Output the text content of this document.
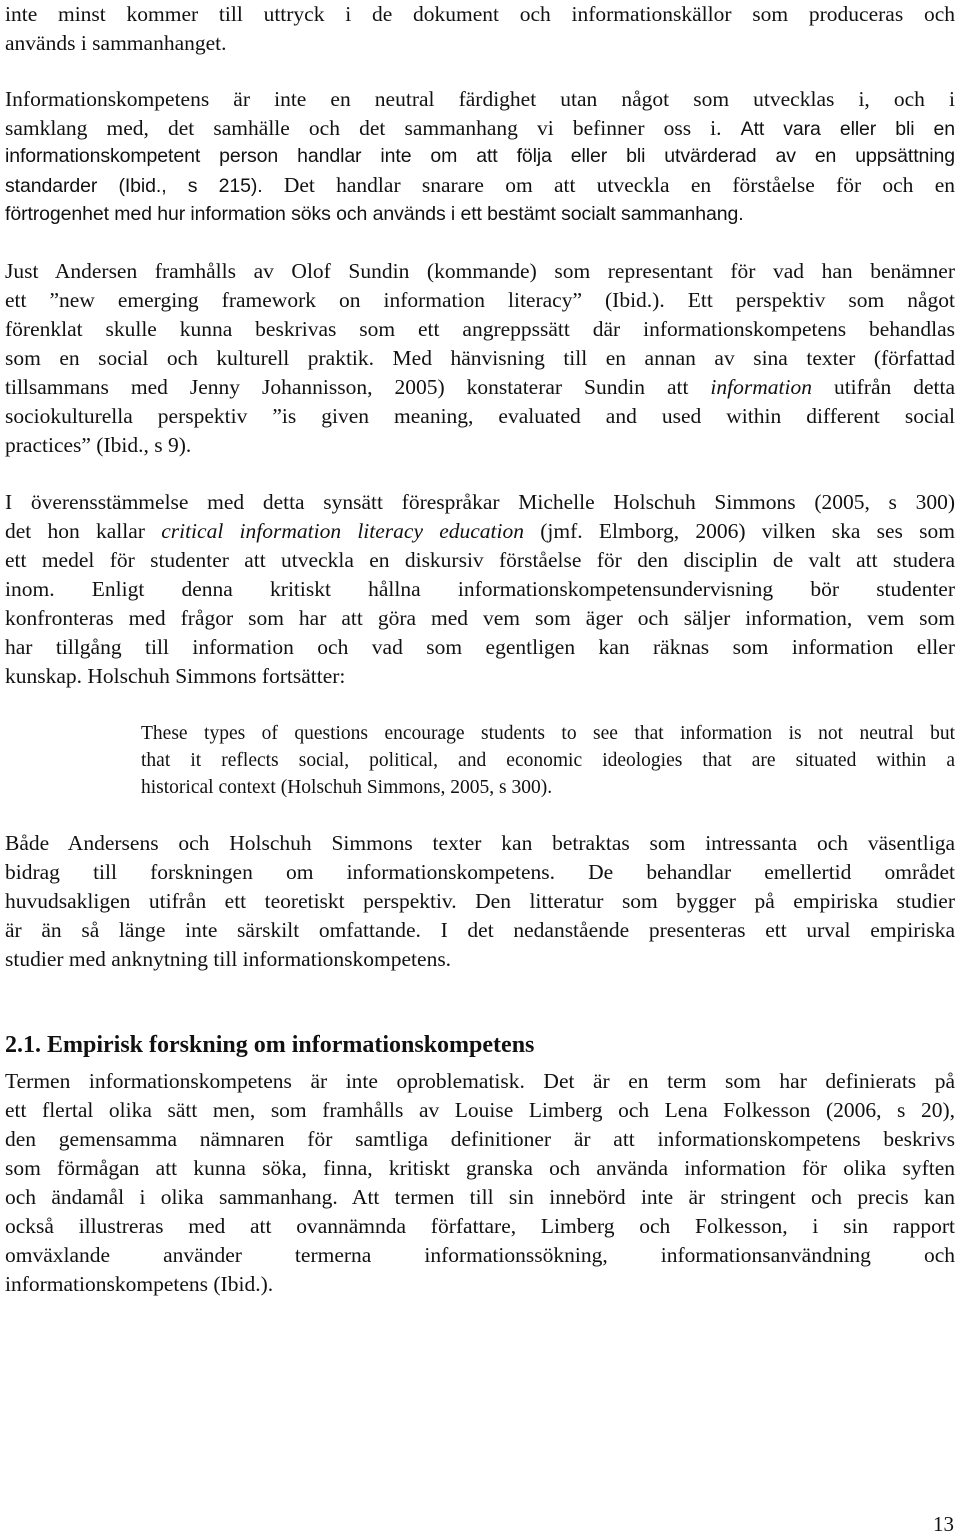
inte minst kommer till uttryck i de dokument och informationskällor som produceras och
används i sammanhanget.
Informationskompetens är inte en neutral färdighet utan något som utvecklas i, och i
samklang med, det samhälle och det sammanhang vi befinner oss i. Att vara eller bli en
informationskompetent person handlar inte om att följa eller bli utvärderad av en uppsättning
standarder (Ibid., s 215). Det handlar snarare om att utveckla en förståelse för och en
förtrogenhet med hur information söks och används i ett bestämt socialt sammanhang.
Just Andersen framhålls av Olof Sundin (kommande) som representant för vad han benämner
ett ”new emerging framework on information literacy” (Ibid.). Ett perspektiv som något
förenklat skulle kunna beskrivas som ett angreppssätt där informationskompetens behandlas
som en social och kulturell praktik. Med hänvisning till en annan av sina texter (författad
tillsammans med Jenny Johannisson, 2005) konstaterar Sundin att information utifrån detta
sociokulturella perspektiv ”is given meaning, evaluated and used within different social
practices” (Ibid., s 9).
I överensstämmelse med detta synsätt förespråkar Michelle Holschuh Simmons (2005, s 300)
det hon kallar critical information literacy education (jmf. Elmborg, 2006) vilken ska ses som
ett medel för studenter att utveckla en diskursiv förståelse för den disciplin de valt att studera
inom. Enligt denna kritiskt hållna informationskompetensundervisning bör studenter
konfronteras med frågor som har att göra med vem som äger och säljer information, vem som
har tillgång till information och vad som egentligen kan räknas som information eller
kunskap. Holschuh Simmons fortsätter:
These types of questions encourage students to see that information is not neutral but
that it reflects social, political, and economic ideologies that are situated within a
historical context (Holschuh Simmons, 2005, s 300).
Både Andersens och Holschuh Simmons texter kan betraktas som intressanta och väsentliga
bidrag till forskningen om informationskompetens. De behandlar emellertid området
huvudsakligen utifrån ett teoretiskt perspektiv. Den litteratur som bygger på empiriska studier
är än så länge inte särskilt omfattande. I det nedanstående presenteras ett urval empiriska
studier med anknytning till informationskompetens.
2.1. Empirisk forskning om informationskompetens
Termen informationskompetens är inte oproblematisk. Det är en term som har definierats på
ett flertal olika sätt men, som framhålls av Louise Limberg och Lena Folkesson (2006, s 20),
den gemensamma nämnaren för samtliga definitioner är att informationskompetens beskrivs
som förmågan att kunna söka, finna, kritiskt granska och använda information för olika syften
och ändamål i olika sammanhang. Att termen till sin innebörd inte är stringent och precis kan
också illustreras med att ovannämnda författare, Limberg och Folkesson, i sin rapport
omväxlande använder termerna informationssökning, informationsanvändning och
informationskompetens (Ibid.).
13
